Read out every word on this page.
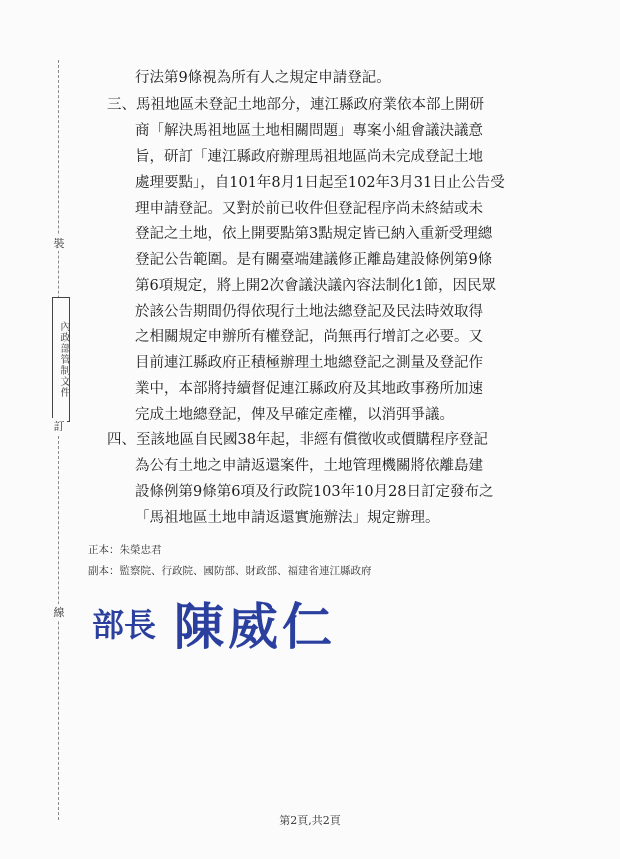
裝
內政部管制文件
訂
線
行法第9條視為所有人之規定申請登記。
三、馬祖地區未登記土地部分，連江縣政府業依本部上開研
商「解決馬祖地區土地相關問題」專案小組會議決議意
旨，研訂「連江縣政府辦理馬祖地區尚未完成登記土地
處理要點」，自101年8月1日起至102年3月31日止公告受
理申請登記。又對於前已收件但登記程序尚未終結或未
登記之土地，依上開要點第3點規定皆已納入重新受理總
登記公告範圍。是有關臺端建議修正離島建設條例第9條
第6項規定，將上開2次會議決議內容法制化1節，因民眾
於該公告期間仍得依現行土地法總登記及民法時效取得
之相關規定申辦所有權登記，尚無再行增訂之必要。又
目前連江縣政府正積極辦理土地總登記之測量及登記作
業中，本部將持續督促連江縣政府及其地政事務所加速
完成土地總登記，俾及早確定產權，以消弭爭議。
四、至該地區自民國38年起，非經有償徵收或價購程序登記
為公有土地之申請返還案件，土地管理機關將依離島建
設條例第9條第6項及行政院103年10月28日訂定發布之
「馬祖地區土地申請返還實施辦法」規定辦理。
正本：朱榮忠君
副本：監察院、行政院、國防部、財政部、福建省連江縣政府
部長 陳威仁
第2頁,共2頁
